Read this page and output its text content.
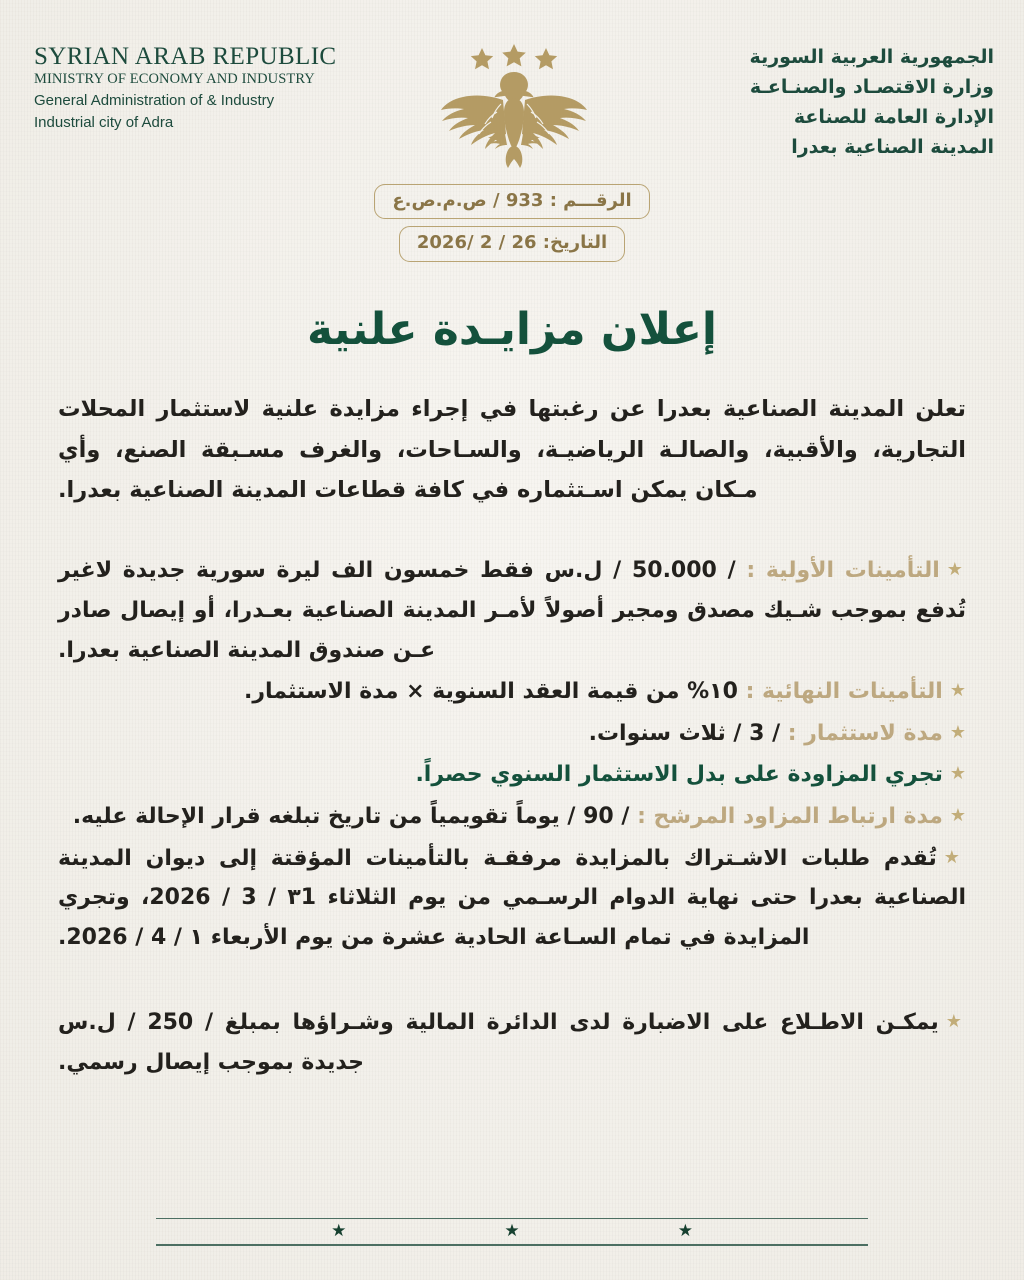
SYRIAN ARAB REPUBLIC
MINISTRY OF ECONOMY AND INDUSTRY
General Administration of & Industry
Industrial city of Adra
الجمهورية العربية السورية
وزارة الاقتصـاد والصنـاعـة
الإدارة العامة للصناعة
المدينة الصناعية بعدرا
الرقـــم : 933 / ص.م.ص.ع
التاريخ: 26 / 2 /2026
إعلان مزايـدة علنية
تعلن المدينة الصناعية بعدرا عن رغبتها في إجراء مزايدة علنية لاستثمار المحلات التجارية، والأقبية، والصالـة الرياضيـة، والسـاحات، والغرف مسـبقة الصنع، وأي مـكان يمكن اسـتثماره في كافة قطاعات المدينة الصناعية بعدرا.
★التأمينات الأولية : / 50.000 / ل.س فقط خمسون الف ليرة سورية جديدة لاغير تُدفع بموجب شـيك مصدق ومجير أصولاً لأمـر المدينة الصناعية بعـدرا، أو إيصال صادر عـن صندوق المدينة الصناعية بعدرا.
★التأمينات النهائية : ١0% من قيمة العقد السنوية × مدة الاستثمار.
★مدة لاستثمار : / 3 / ثلاث سنوات.
★تجري المزاودة على بدل الاستثمار السنوي حصراً.
★مدة ارتباط المزاود المرشح : / 90 / يوماً تقويمياً من تاريخ تبلغه قرار الإحالة عليه.
★تُقدم طلبات الاشـتراك بالمزايدة مرفقـة بالتأمينات المؤقتة إلى ديوان المدينة الصناعية بعدرا حتى نهاية الدوام الرسـمي من يوم الثلاثاء ٣1 / 3 / 2026، وتجري المزايدة في تمام السـاعة الحادية عشرة من يوم الأربعاء ١ / 4 / 2026.
★يمكـن الاطـلاع على الاضبارة لدى الدائرة المالية وشـراؤها بمبلغ / 250 / ل.س جديدة بموجب إيصال رسمي.
★
★
★
